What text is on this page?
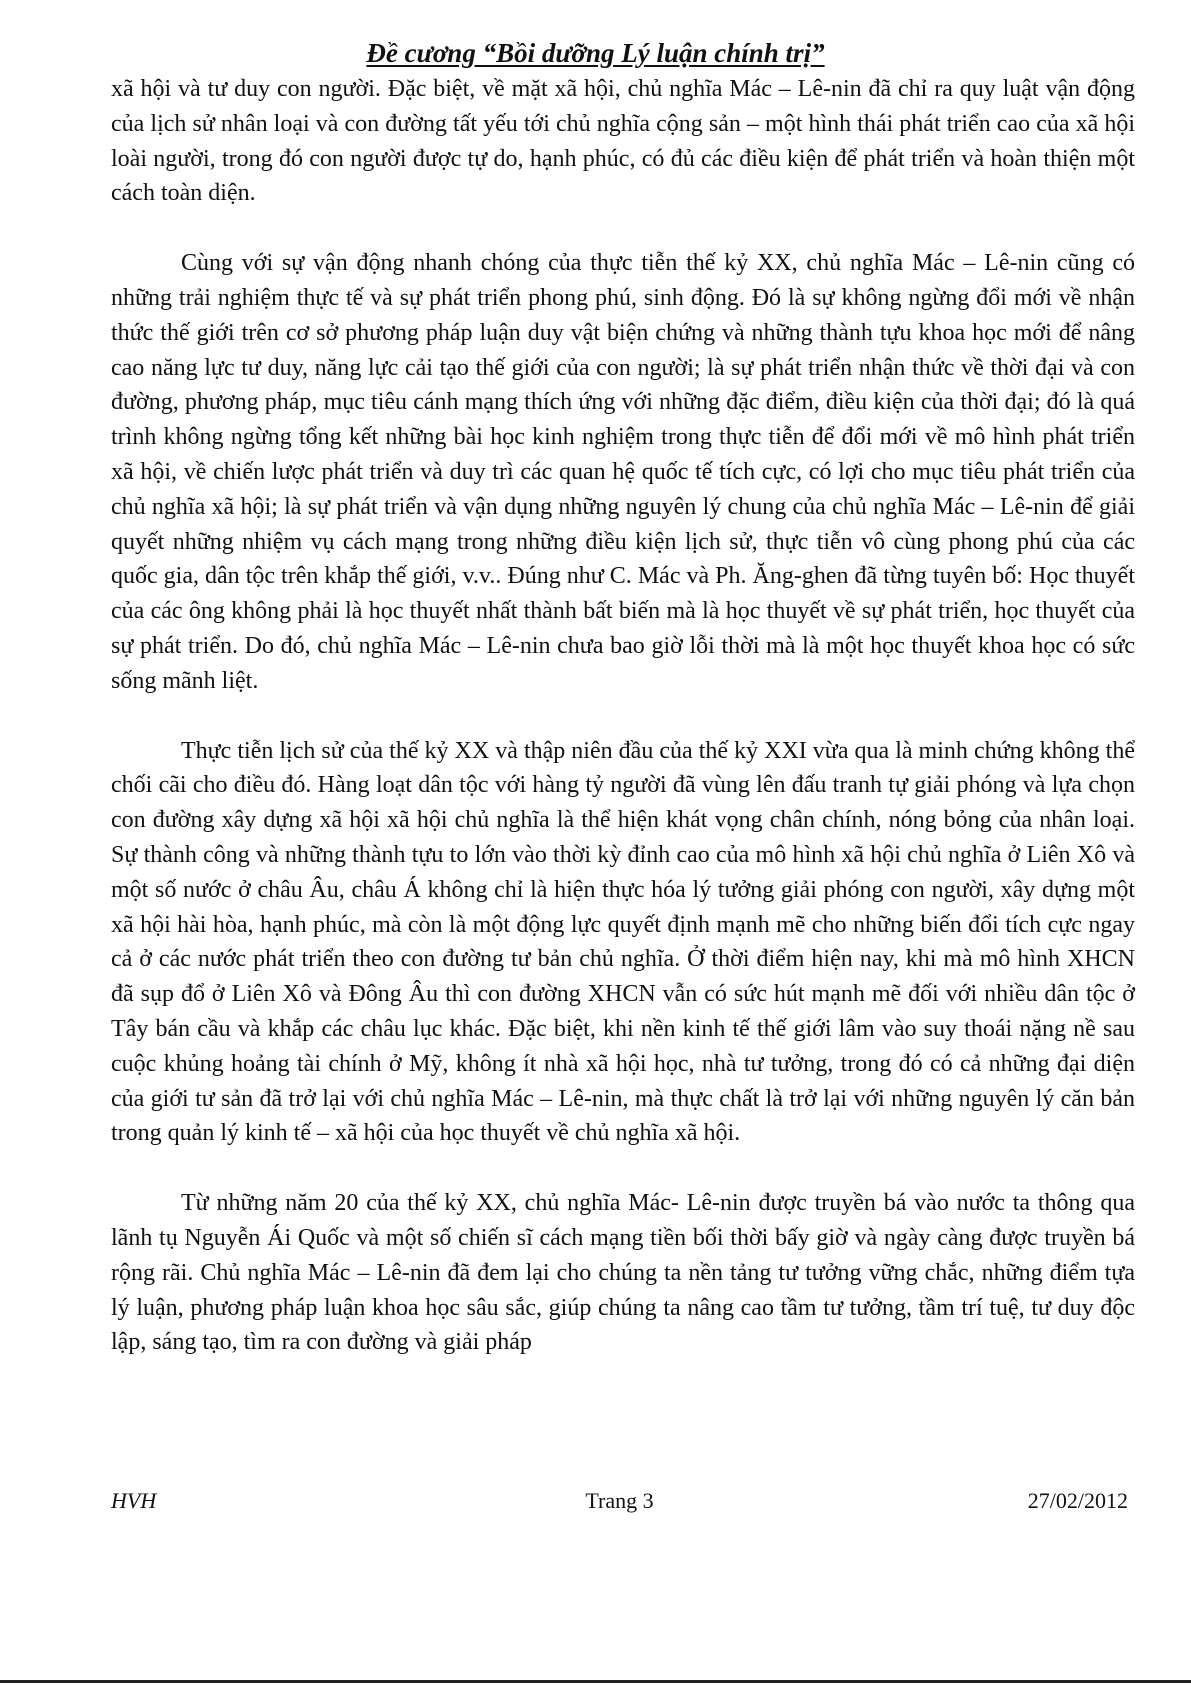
Đề cương “Bồi dưỡng Lý luận chính trị”

xã hội và tư duy con người. Đặc biệt, về mặt xã hội, chủ nghĩa Mác – Lê-nin đã chỉ ra quy luật vận động của lịch sử nhân loại và con đường tất yếu tới chủ nghĩa cộng sản – một hình thái phát triển cao của xã hội loài người, trong đó con người được tự do, hạnh phúc, có đủ các điều kiện để phát triển và hoàn thiện một cách toàn diện.

Cùng với sự vận động nhanh chóng của thực tiễn thế kỷ XX, chủ nghĩa Mác – Lê-nin cũng có những trải nghiệm thực tế và sự phát triển phong phú, sinh động. Đó là sự không ngừng đổi mới về nhận thức thế giới trên cơ sở phương pháp luận duy vật biện chứng và những thành tựu khoa học mới để nâng cao năng lực tư duy, năng lực cải tạo thế giới của con người; là sự phát triển nhận thức về thời đại và con đường, phương pháp, mục tiêu cánh mạng thích ứng với những đặc điểm, điều kiện của thời đại; đó là quá trình không ngừng tổng kết những bài học kinh nghiệm trong thực tiễn để đổi mới về mô hình phát triển xã hội, về chiến lược phát triển và duy trì các quan hệ quốc tế tích cực, có lợi cho mục tiêu phát triển của chủ nghĩa xã hội; là sự phát triển và vận dụng những nguyên lý chung của chủ nghĩa Mác – Lê-nin để giải quyết những nhiệm vụ cách mạng trong những điều kiện lịch sử, thực tiễn vô cùng phong phú của các quốc gia, dân tộc trên khắp thế giới, v.v.. Đúng như C. Mác và Ph. Ăng-ghen đã từng tuyên bố: Học thuyết của các ông không phải là học thuyết nhất thành bất biến mà là học thuyết về sự phát triển, học thuyết của sự phát triển. Do đó, chủ nghĩa Mác – Lê-nin chưa bao giờ lỗi thời mà là một học thuyết khoa học có sức sống mãnh liệt.

Thực tiễn lịch sử của thế kỷ XX và thập niên đầu của thế kỷ XXI vừa qua là minh chứng không thể chối cãi cho điều đó. Hàng loạt dân tộc với hàng tỷ người đã vùng lên đấu tranh tự giải phóng và lựa chọn con đường xây dựng xã hội xã hội chủ nghĩa là thể hiện khát vọng chân chính, nóng bỏng của nhân loại. Sự thành công và những thành tựu to lớn vào thời kỳ đỉnh cao của mô hình xã hội chủ nghĩa ở Liên Xô và một số nước ở châu Âu, châu Á không chỉ là hiện thực hóa lý tưởng giải phóng con người, xây dựng một xã hội hài hòa, hạnh phúc, mà còn là một động lực quyết định mạnh mẽ cho những biến đổi tích cực ngay cả ở các nước phát triển theo con đường tư bản chủ nghĩa. Ở thời điểm hiện nay, khi mà mô hình XHCN đã sụp đổ ở Liên Xô và Đông Âu thì con đường XHCN vẫn có sức hút mạnh mẽ đối với nhiều dân tộc ở Tây bán cầu và khắp các châu lục khác. Đặc biệt, khi nền kinh tế thế giới lâm vào suy thoái nặng nề sau cuộc khủng hoảng tài chính ở Mỹ, không ít nhà xã hội học, nhà tư tưởng, trong đó có cả những đại diện của giới tư sản đã trở lại với chủ nghĩa Mác – Lê-nin, mà thực chất là trở lại với những nguyên lý căn bản trong quản lý kinh tế – xã hội của học thuyết về chủ nghĩa xã hội.

Từ những năm 20 của thế kỷ XX, chủ nghĩa Mác- Lê-nin được truyền bá vào nước ta thông qua lãnh tụ Nguyễn Ái Quốc và một số chiến sĩ cách mạng tiền bối thời bấy giờ và ngày càng được truyền bá rộng rãi. Chủ nghĩa Mác – Lê-nin đã đem lại cho chúng ta nền tảng tư tưởng vững chắc, những điểm tựa lý luận, phương pháp luận khoa học sâu sắc, giúp chúng ta nâng cao tầm tư tưởng, tầm trí tuệ, tư duy độc lập, sáng tạo, tìm ra con đường và giải pháp

HVH	Trang 3	27/02/2012
